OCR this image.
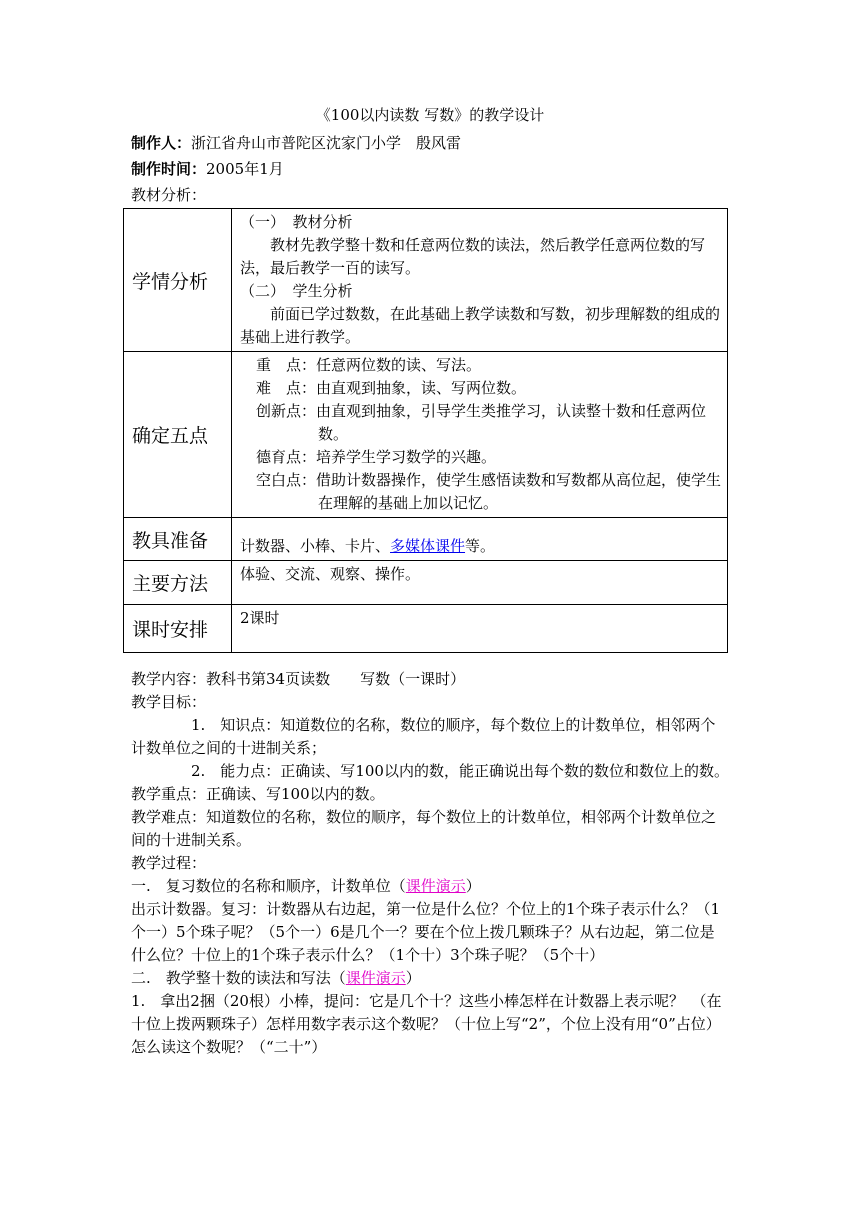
《100以内读数 写数》的教学设计
制作人：浙江省舟山市普陀区沈家门小学　殷风雷
制作时间：2005年1月
教材分析：
学情分析	（一）　教材分析
教材先教学整十数和任意两位数的读法，然后教学任意两位数的写法，最后教学一百的读写。
（二）　学生分析
前面已学过数数，在此基础上教学读数和写数，初步理解数的组成的基础上进行教学。

确定五点	重　点：任意两位数的读、写法。
难　点：由直观到抽象，读、写两位数。
创新点：由直观到抽象，引导学生类推学习，认读整十数和任意两位数。
德育点：培养学生学习数学的兴趣。
空白点：借助计数器操作，使学生感悟读数和写数都从高位起，使学生在理解的基础上加以记忆。

教具准备	计数器、小棒、卡片、多媒体课件等。
主要方法	体验、交流、观察、操作。
课时安排	2课时

教学内容：教科书第34页读数　　写数（一课时）

教学目标：

1.　知识点：知道数位的名称，数位的顺序，每个数位上的计数单位，相邻两个计数单位之间的十进制关系；

2.　能力点：正确读、写100以内的数，能正确说出每个数的数位和数位上的数。

教学重点：正确读、写100以内的数。

教学难点：知道数位的名称，数位的顺序，每个数位上的计数单位，相邻两个计数单位之间的十进制关系。

教学过程：

一.　复习数位的名称和顺序，计数单位（课件演示）

出示计数器。复习：计数器从右边起，第一位是什么位？个位上的1个珠子表示什么？（1个一）5个珠子呢？（5个一）6是几个一？要在个位上拨几颗珠子？从右边起，第二位是什么位？十位上的1个珠子表示什么？（1个十）3个珠子呢？（5个十）

二.　教学整十数的读法和写法（课件演示）

1.　拿出2捆（20根）小棒，提问：它是几个十？这些小棒怎样在计数器上表示呢？　（在十位上拨两颗珠子）怎样用数字表示这个数呢？（十位上写“2”，个位上没有用“0”占位）怎么读这个数呢？（“二十”）
